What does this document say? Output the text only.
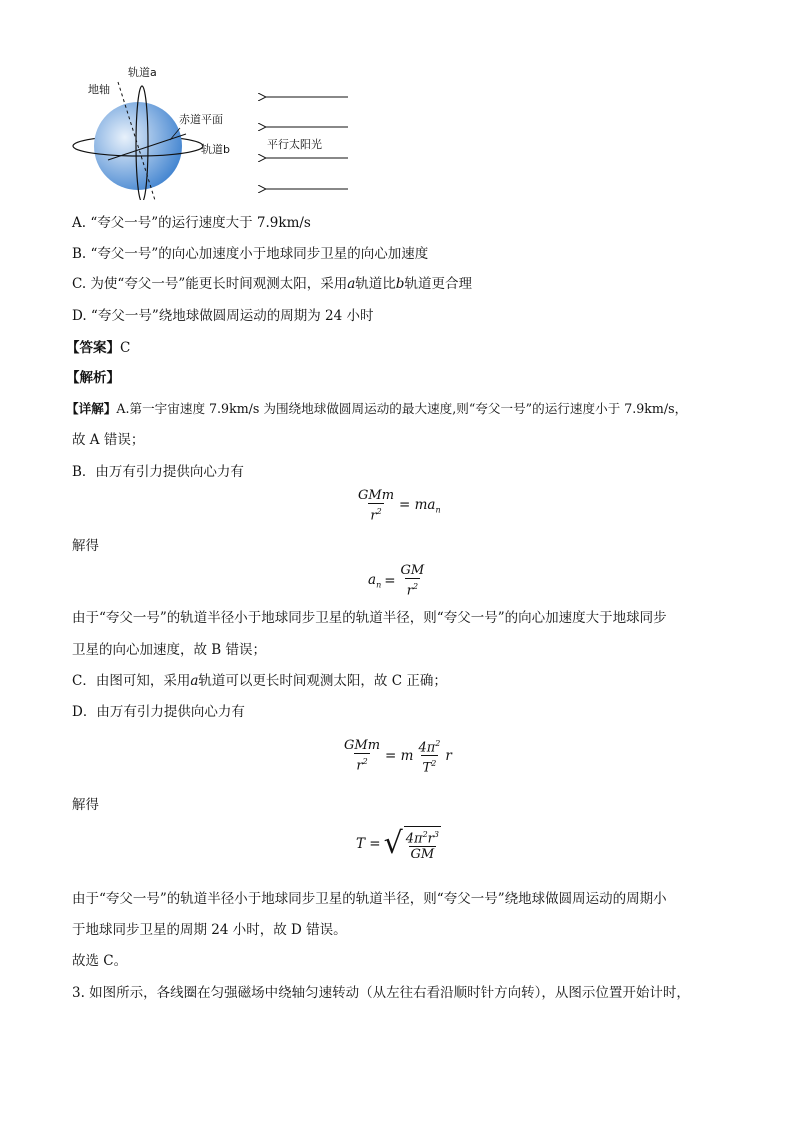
轨道a
地轴
赤道平面
轨道b	平行太阳光
A. “夸父一号”的运行速度大于 7.9km/s
B. “夸父一号”的向心加速度小于地球同步卫星的向心加速度
C. 为使“夸父一号”能更长时间观测太阳，采用a轨道比b轨道更合理
D. “夸父一号”绕地球做圆周运动的周期为 24 小时
【答案】C
【解析】
【详解】A.第一宇宙速度 7.9km/s 为围绕地球做圆周运动的最大速度,则“夸父一号”的运行速度小于 7.9km/s，
故 A 错误；
B．由万有引力提供向心力有
$\frac{\text{GMm}}{r^2} = ma_n$
解得
$a_n = \frac{GM}{r^2}$
由于“夸父一号”的轨道半径小于地球同步卫星的轨道半径，则“夸父一号”的向心加速度大于地球同步
卫星的向心加速度，故 B 错误；
C．由图可知，采用a轨道可以更长时间观测太阳，故 C 正确；
D．由万有引力提供向心力有
$\frac{\text{GMm}}{r^2} = m \frac{4\pi^2}{T^2}$ r
解得
T = √ $\frac{4\pi^2r^3}{GM}$
由于“夸父一号”的轨道半径小于地球同步卫星的轨道半径，则“夸父一号”绕地球做圆周运动的周期小
于地球同步卫星的周期 24 小时，故 D 错误。
故选 C。
3. 如图所示，各线圈在匀强磁场中绕轴匀速转动（从左往右看沿顺时针方向转），从图示位置开始计时，
